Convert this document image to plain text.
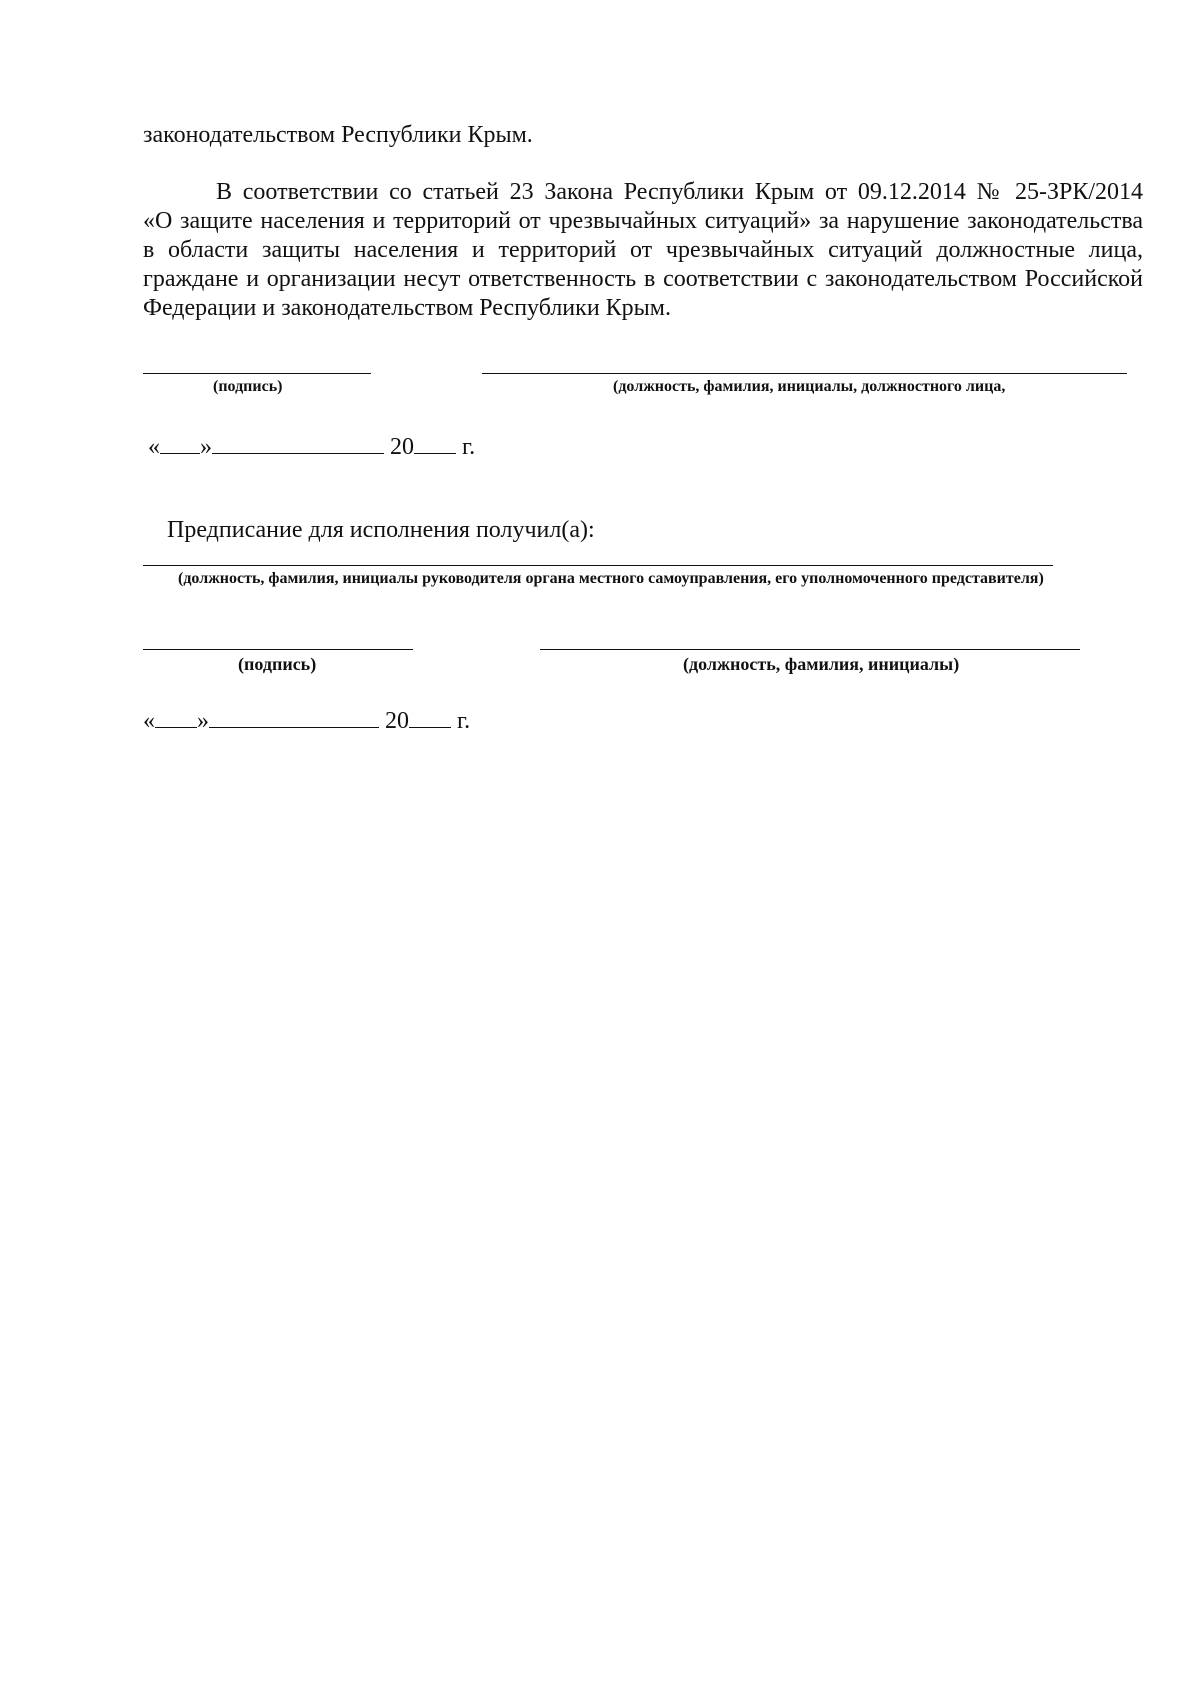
законодательством Республики Крым.
В соответствии со статьей 23 Закона Республики Крым от 09.12.2014 № 25-ЗРК/2014
«О защите населения и территорий от чрезвычайных ситуаций» за нарушение законодательства
в области защиты населения и территорий от чрезвычайных ситуаций должностные лица,
граждане и организации несут ответственность в соответствии с законодательством Российской
Федерации и законодательством Республики Крым.
(подпись)	(должность, фамилия, инициалы, должностного лица,
« »	20 г.
Предписание для исполнения получил(а):
(должность, фамилия, инициалы руководителя органа местного самоуправления, его уполномоченного представителя)
(подпись)	(должность, фамилия, инициалы)
« »	20 г.
